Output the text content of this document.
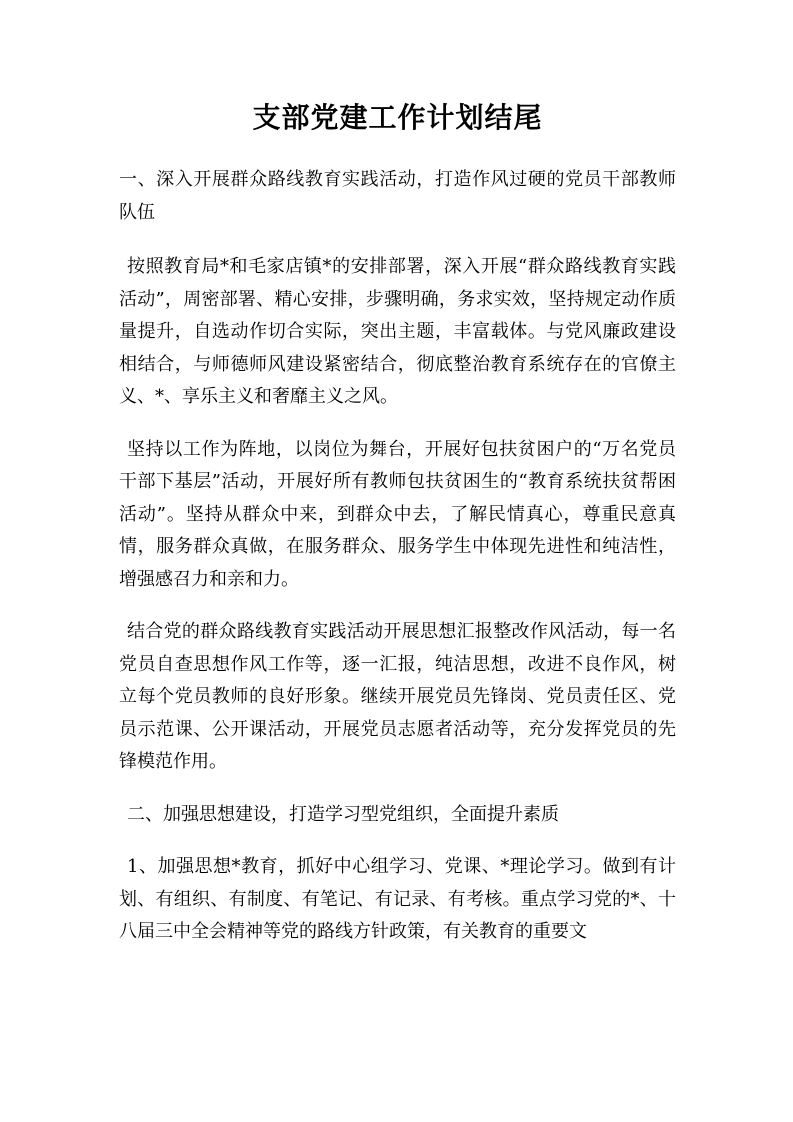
支部党建工作计划结尾

一、深入开展群众路线教育实践活动，打造作风过硬的党员干部教师队伍

按照教育局*和毛家店镇*的安排部署，深入开展“群众路线教育实践活动”，周密部署、精心安排，步骤明确，务求实效，坚持规定动作质量提升，自选动作切合实际，突出主题，丰富载体。与党风廉政建设相结合，与师德师风建设紧密结合，彻底整治教育系统存在的官僚主义、*、享乐主义和奢靡主义之风。

坚持以工作为阵地，以岗位为舞台，开展好包扶贫困户的“万名党员干部下基层”活动，开展好所有教师包扶贫困生的“教育系统扶贫帮困活动”。坚持从群众中来，到群众中去，了解民情真心，尊重民意真情，服务群众真做，在服务群众、服务学生中体现先进性和纯洁性，增强感召力和亲和力。

结合党的群众路线教育实践活动开展思想汇报整改作风活动，每一名党员自查思想作风工作等，逐一汇报，纯洁思想，改进不良作风，树立每个党员教师的良好形象。继续开展党员先锋岗、党员责任区、党员示范课、公开课活动，开展党员志愿者活动等，充分发挥党员的先锋模范作用。

二、加强思想建设，打造学习型党组织，全面提升素质

1、加强思想*教育，抓好中心组学习、党课、*理论学习。做到有计划、有组织、有制度、有笔记、有记录、有考核。重点学习党的*、十八届三中全会精神等党的路线方针政策，有关教育的重要文
